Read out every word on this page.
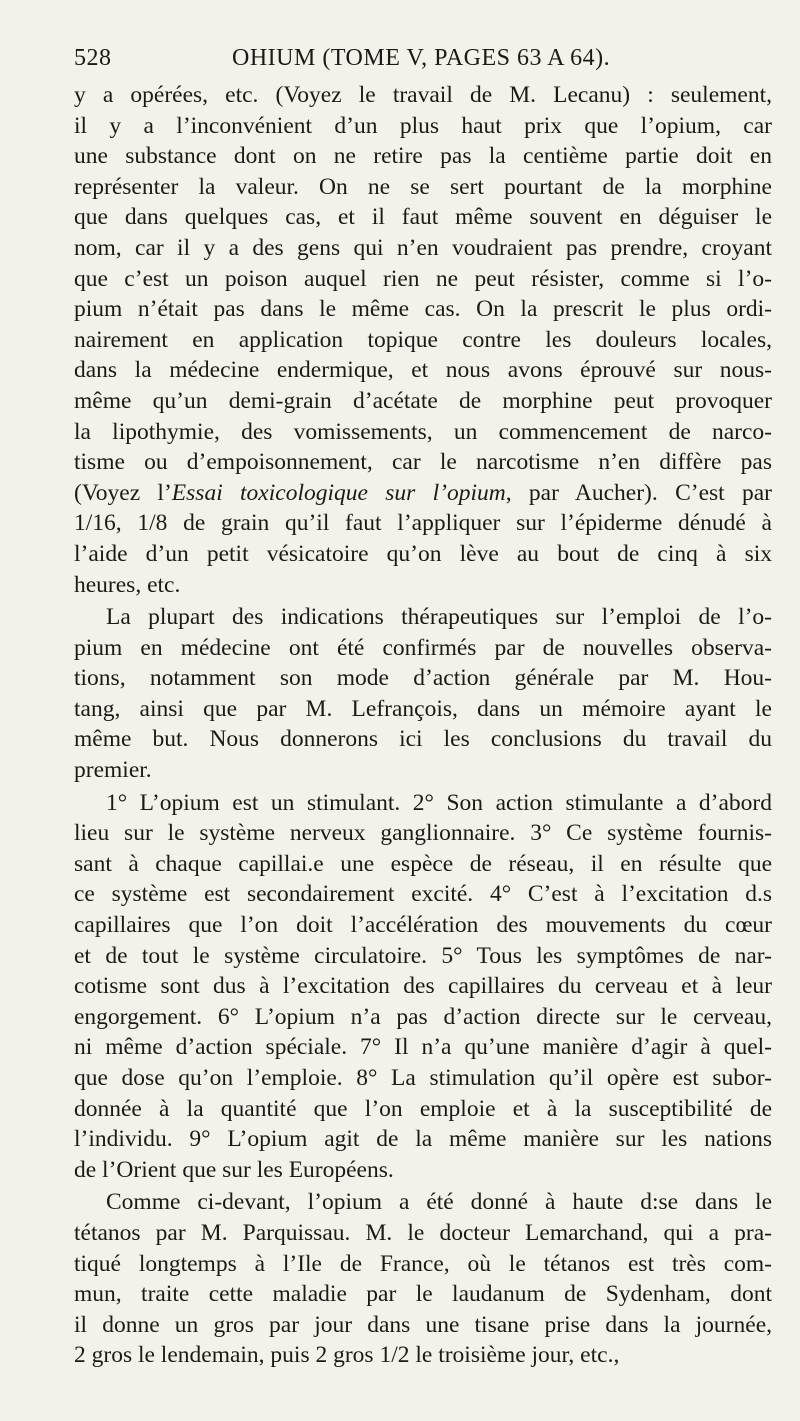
528	OHIUM (TOME V, PAGES 63 A 64).

y a opérées, etc. (Voyez le travail de M. Lecanu) : seulement,
il y a l’inconvénient d’un plus haut prix que l’opium, car
une substance dont on ne retire pas la centième partie doit en
représenter la valeur. On ne se sert pourtant de la morphine
que dans quelques cas, et il faut même souvent en déguiser le
nom, car il y a des gens qui n’en voudraient pas prendre, croyant
que c’est un poison auquel rien ne peut résister, comme si l’o-
pium n’était pas dans le même cas. On la prescrit le plus ordi-
nairement en application topique contre les douleurs locales,
dans la médecine endermique, et nous avons éprouvé sur nous-
même qu’un demi-grain d’acétate de morphine peut provoquer
la lipothymie, des vomissements, un commencement de narco-
tisme ou d’empoisonnement, car le narcotisme n’en diffère pas
(Voyez l’Essai toxicologique sur l’opium, par Aucher). C’est par
1/16, 1/8 de grain qu’il faut l’appliquer sur l’épiderme dénudé à
l’aide d’un petit vésicatoire qu’on lève au bout de cinq à six
heures, etc.

La plupart des indications thérapeutiques sur l’emploi de l’o-
pium en médecine ont été confirmés par de nouvelles observa-
tions, notamment son mode d’action générale par M. Hou-
tang, ainsi que par M. Lefrançois, dans un mémoire ayant le
même but. Nous donnerons ici les conclusions du travail du
premier.

1° L’opium est un stimulant. 2° Son action stimulante a d’abord
lieu sur le système nerveux ganglionnaire. 3° Ce système fournis-
sant à chaque capillai.e une espèce de réseau, il en résulte que
ce système est secondairement excité. 4° C’est à l’excitation d.s
capillaires que l’on doit l’accélération des mouvements du cœur
et de tout le système circulatoire. 5° Tous les symptômes de nar-
cotisme sont dus à l’excitation des capillaires du cerveau et à leur
engorgement. 6° L’opium n’a pas d’action directe sur le cerveau,
ni même d’action spéciale. 7° Il n’a qu’une manière d’agir à quel-
que dose qu’on l’emploie. 8° La stimulation qu’il opère est subor-
donnée à la quantité que l’on emploie et à la susceptibilité de
l’individu. 9° L’opium agit de la même manière sur les nations
de l’Orient que sur les Européens.

Comme ci-devant, l’opium a été donné à haute d:se dans le
tétanos par M. Parquissau. M. le docteur Lemarchand, qui a pra-
tiqué longtemps à l’Ile de France, où le tétanos est très com-
mun, traite cette maladie par le laudanum de Sydenham, dont
il donne un gros par jour dans une tisane prise dans la journée,
2 gros le lendemain, puis 2 gros 1/2 le troisième jour, etc.,
